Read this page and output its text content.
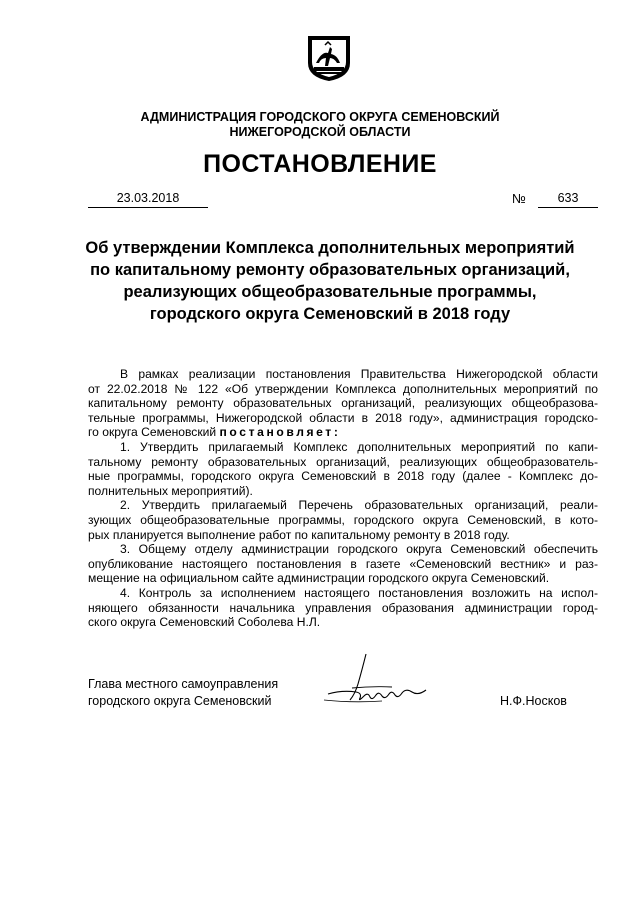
АДМИНИСТРАЦИЯ ГОРОДСКОГО ОКРУГА СЕМЕНОВСКИЙ
НИЖЕГОРОДСКОЙ ОБЛАСТИ
ПОСТАНОВЛЕНИЕ
23.03.2018	№	633
Об утверждении Комплекса дополнительных мероприятий
по капитальному ремонту образовательных организаций,
реализующих общеобразовательные программы,
городского округа Семеновский в 2018 году
В рамках реализации постановления Правительства Нижегородской области
от 22.02.2018 № 122 «Об утверждении Комплекса дополнительных мероприятий по
капитальному ремонту образовательных организаций, реализующих общеобразова-
тельные программы, Нижегородской области в 2018 году», администрация городско-
го округа Семеновский постановляет:
1. Утвердить прилагаемый Комплекс дополнительных мероприятий по капи-
тальному ремонту образовательных организаций, реализующих общеобразователь-
ные программы, городского округа Семеновский в 2018 году (далее - Комплекс до-
полнительных мероприятий).
2. Утвердить прилагаемый Перечень образовательных организаций, реали-
зующих общеобразовательные программы, городского округа Семеновский, в кото-
рых планируется выполнение работ по капитальному ремонту в 2018 году.
3. Общему отделу администрации городского округа Семеновский обеспечить
опубликование настоящего постановления в газете «Семеновский вестник» и раз-
мещение на официальном сайте администрации городского округа Семеновский.
4. Контроль за исполнением настоящего постановления возложить на испол-
няющего обязанности начальника управления образования администрации город-
ского округа Семеновский Соболева Н.Л.
Глава местного самоуправления
городского округа Семеновский	Н.Ф.Носков
